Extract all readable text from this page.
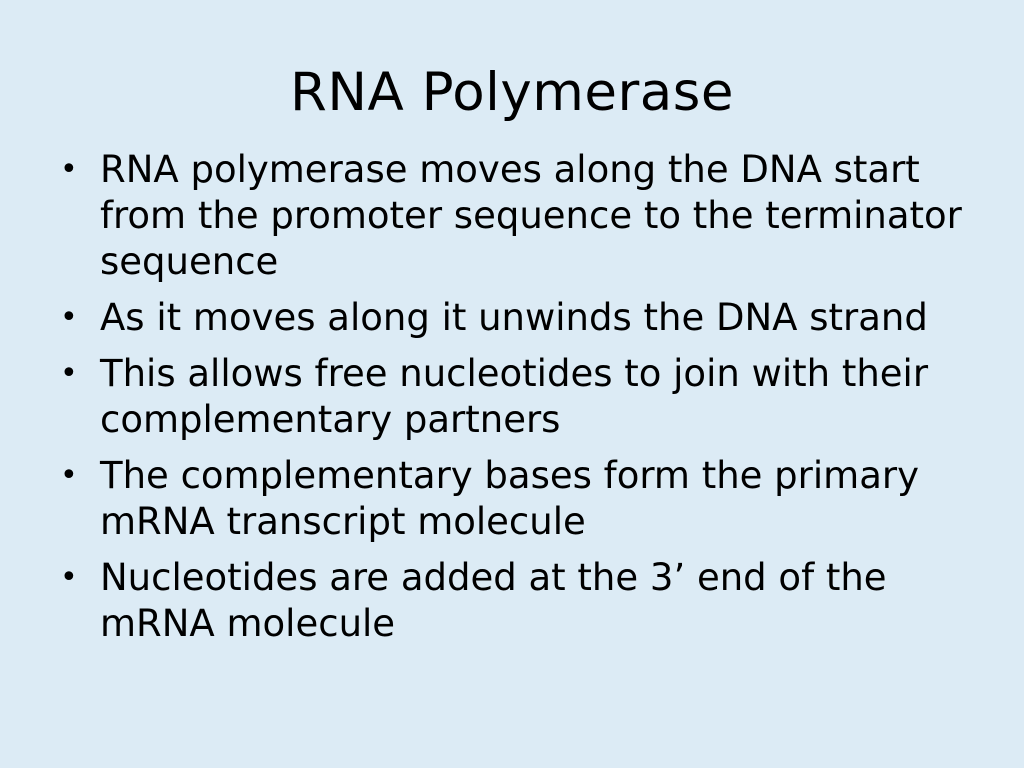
RNA Polymerase
• RNA polymerase moves along the DNA start from the promoter sequence to the terminator sequence
• As it moves along it unwinds the DNA strand
• This allows free nucleotides to join with their complementary partners
• The complementary bases form the primary mRNA transcript molecule
• Nucleotides are added at the 3’ end of the mRNA molecule
